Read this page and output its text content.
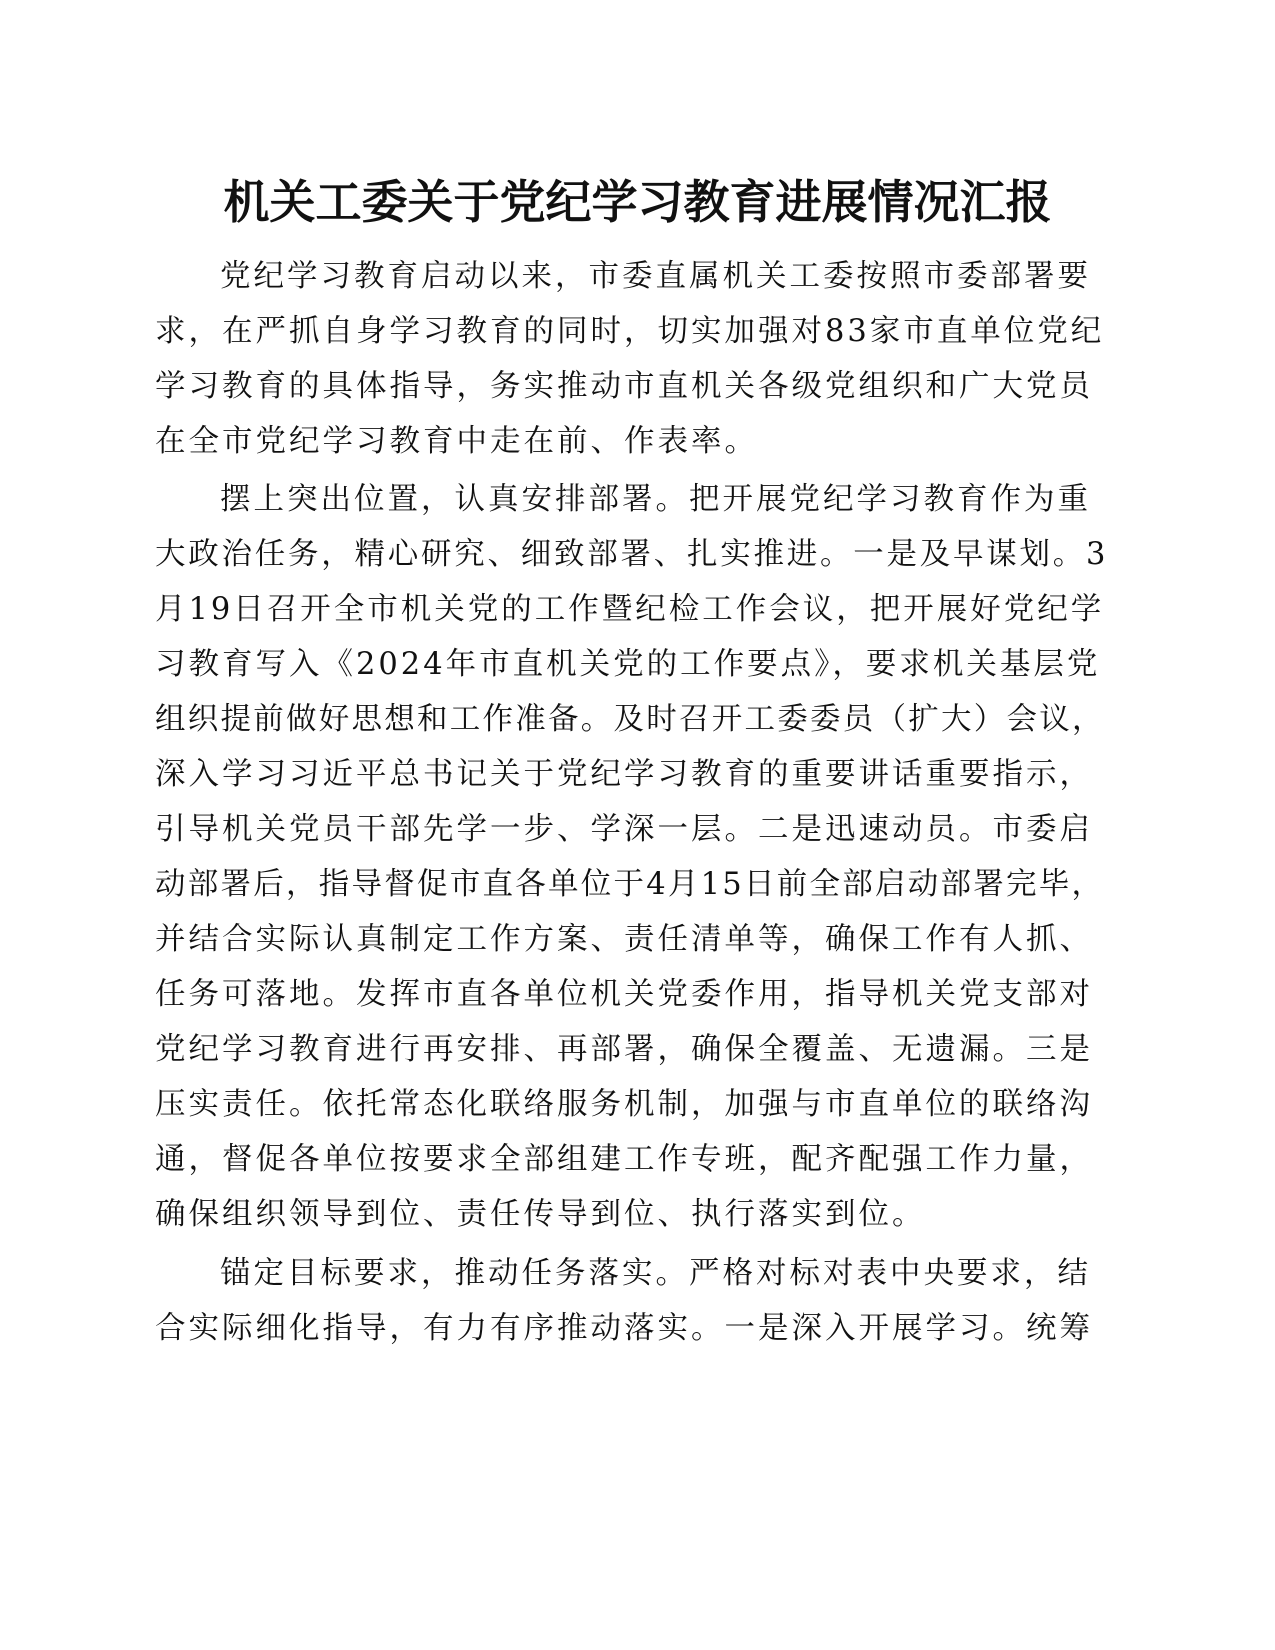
机关工委关于党纪学习教育进展情况汇报
党纪学习教育启动以来，市委直属机关工委按照市委部署要
求，在严抓自身学习教育的同时，切实加强对83家市直单位党纪
学习教育的具体指导，务实推动市直机关各级党组织和广大党员
在全市党纪学习教育中走在前、作表率。
摆上突出位置，认真安排部署。把开展党纪学习教育作为重
大政治任务，精心研究、细致部署、扎实推进。一是及早谋划。3
月19日召开全市机关党的工作暨纪检工作会议，把开展好党纪学
习教育写入《2024年市直机关党的工作要点》，要求机关基层党
组织提前做好思想和工作准备。及时召开工委委员（扩大）会议，
深入学习习近平总书记关于党纪学习教育的重要讲话重要指示，
引导机关党员干部先学一步、学深一层。二是迅速动员。市委启
动部署后，指导督促市直各单位于4月15日前全部启动部署完毕，
并结合实际认真制定工作方案、责任清单等，确保工作有人抓、
任务可落地。发挥市直各单位机关党委作用，指导机关党支部对
党纪学习教育进行再安排、再部署，确保全覆盖、无遗漏。三是
压实责任。依托常态化联络服务机制，加强与市直单位的联络沟
通，督促各单位按要求全部组建工作专班，配齐配强工作力量，
确保组织领导到位、责任传导到位、执行落实到位。
锚定目标要求，推动任务落实。严格对标对表中央要求，结
合实际细化指导，有力有序推动落实。一是深入开展学习。统筹
